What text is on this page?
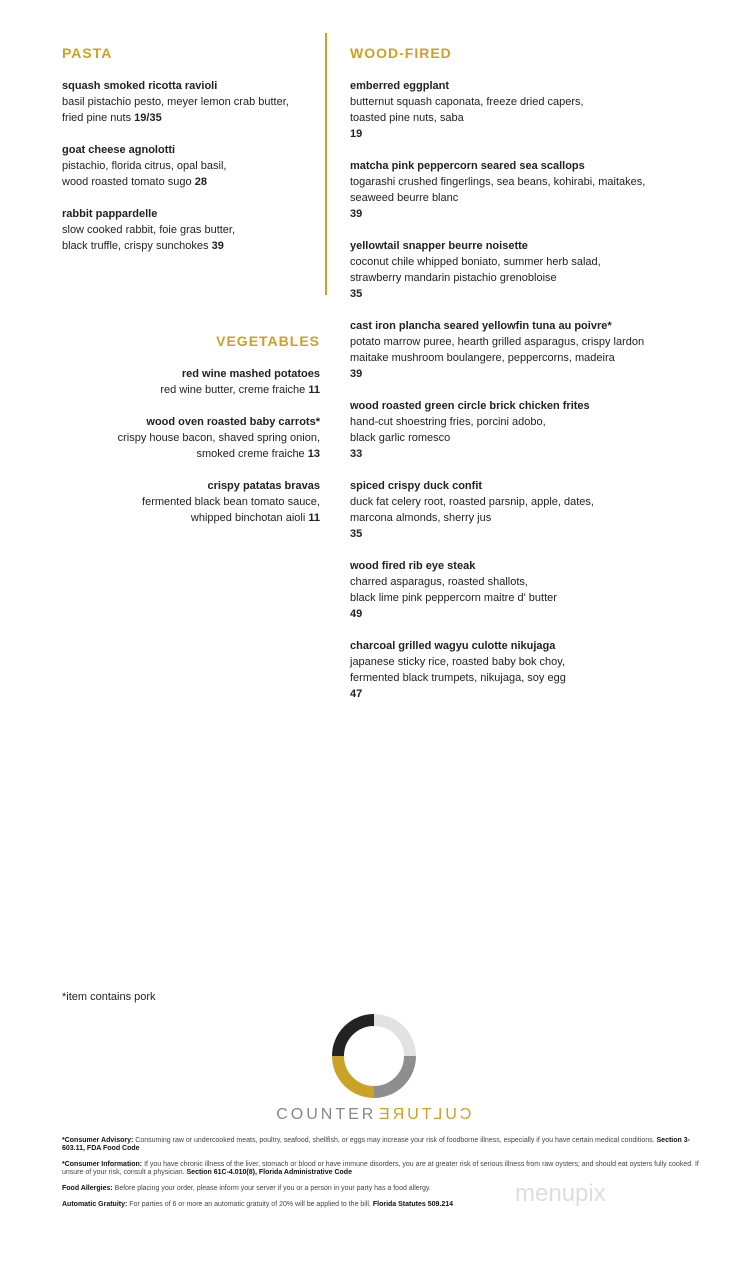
PASTA
squash smoked ricotta ravioli
basil pistachio pesto, meyer lemon crab butter,
fried pine nuts 19/35
goat cheese agnolotti
pistachio, florida citrus, opal basil,
wood roasted tomato sugo 28
rabbit pappardelle
slow cooked rabbit, foie gras butter,
black truffle, crispy sunchokes 39
VEGETABLES
red wine mashed potatoes
red wine butter, creme fraiche 11
wood oven roasted baby carrots*
crispy house bacon, shaved spring onion,
smoked creme fraiche 13
crispy patatas bravas
fermented black bean tomato sauce,
whipped binchotan aioli 11
WOOD-FIRED
emberred eggplant
butternut squash caponata, freeze dried capers,
toasted pine nuts, saba
19
matcha pink peppercorn seared sea scallops
togarashi crushed fingerlings, sea beans, kohirabi, maitakes,
seaweed beurre blanc
39
yellowtail snapper beurre noisette
coconut chile whipped boniato, summer herb salad,
strawberry mandarin pistachio grenobloise
35
cast iron plancha seared yellowfin tuna au poivre*
potato marrow puree, hearth grilled asparagus, crispy lardon
maitake mushroom boulangere, peppercorns, madeira
39
wood roasted green circle brick chicken frites
hand-cut shoestring fries, porcini adobo,
black garlic romesco
33
spiced crispy duck confit
duck fat celery root, roasted parsnip, apple, dates,
marcona almonds, sherry jus
35
wood fired rib eye steak
charred asparagus, roasted shallots,
black lime pink peppercorn maitre d' butter
49
charcoal grilled wagyu culotte nikujaga
japanese sticky rice, roasted baby bok choy,
fermented black trumpets, nikujaga, soy egg
47
*item contains pork
COUNTERCULTURE

*Consumer Advisory: Consuming raw or undercooked meats, poultry, seafood, shellfish, or eggs may increase your risk of foodborne illness, especially if you have certain medical conditions. Section 3-603.11, FDA Food Code

*Consumer Information: If you have chronic illness of the liver, stomach or blood or have immune disorders, you are at greater risk of serious illness from raw oysters; and should eat oysters fully cooked. If unsure of your risk, consult a physician. Section 61C-4.010(8), Florida Administrative Code

Food Allergies: Before placing your order, please inform your server if you or a person in your party has a food allergy.

Automatic Gratuity: For parties of 6 or more an automatic gratuity of 20% will be applied to the bill. Florida Statutes 509.214	menupix
